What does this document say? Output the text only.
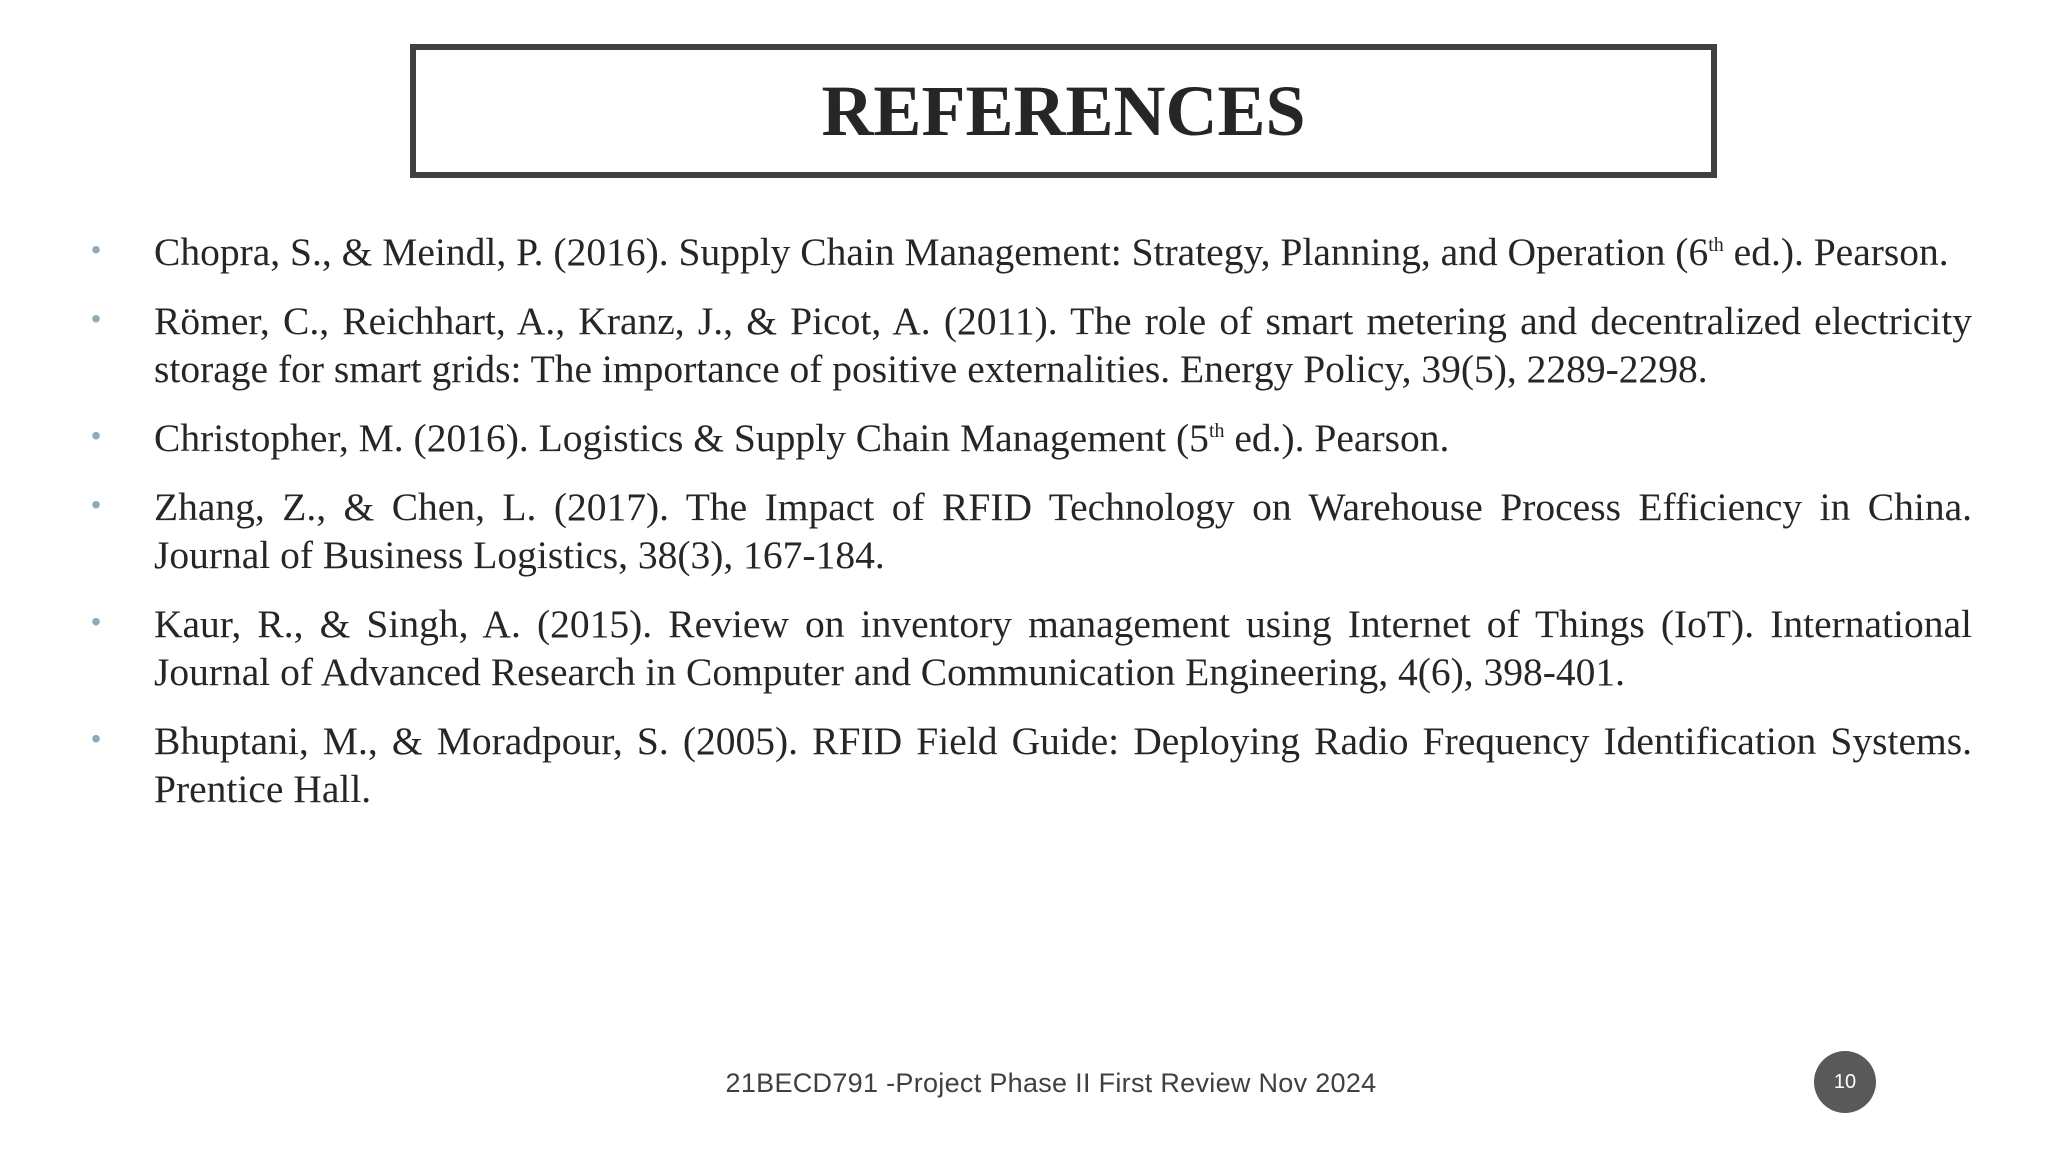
REFERENCES
• Chopra, S., & Meindl, P. (2016). Supply Chain Management: Strategy, Planning, and Operation (6th ed.). Pearson.
• Römer, C., Reichhart, A., Kranz, J., & Picot, A. (2011). The role of smart metering and decentralized electricity storage for smart grids: The importance of positive externalities. Energy Policy, 39(5), 2289-2298.
• Christopher, M. (2016). Logistics & Supply Chain Management (5th ed.). Pearson.
• Zhang, Z., & Chen, L. (2017). The Impact of RFID Technology on Warehouse Process Efficiency in China. Journal of Business Logistics, 38(3), 167-184.
• Kaur, R., & Singh, A. (2015). Review on inventory management using Internet of Things (IoT). International Journal of Advanced Research in Computer and Communication Engineering, 4(6), 398-401.
• Bhuptani, M., & Moradpour, S. (2005). RFID Field Guide: Deploying Radio Frequency Identification Systems. Prentice Hall.
21BECD791 -Project Phase II First Review Nov 2024	10
